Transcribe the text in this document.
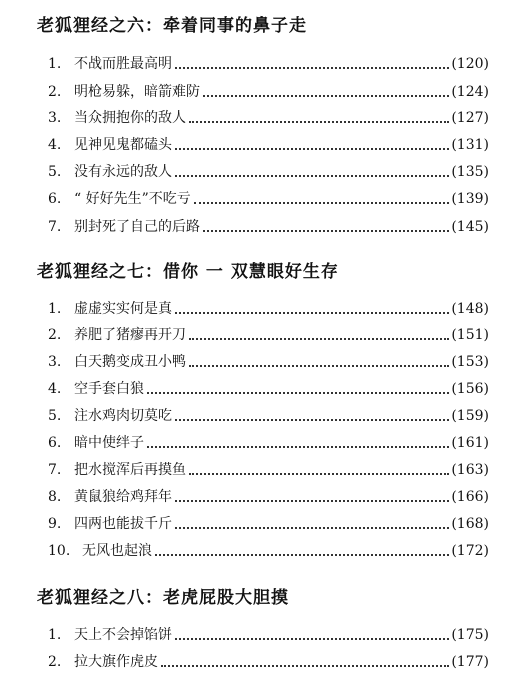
老狐狸经之六：牵着同事的鼻子走
1. 不战而胜最高明	(120)
2. 明枪易躲，暗箭难防	(124)
3. 当众拥抱你的敌人	(127)
4. 见神见鬼都磕头	(131)
5. 没有永远的敌人	(135)
6. “ 好好先生”不吃亏	(139)
7. 别封死了自己的后路	(145)
老狐狸经之七：借你 一 双慧眼好生存
1. 虚虚实实何是真	(148)
2. 养肥了猪瘳再开刀	(151)
3. 白天鹅变成丑小鸭	(153)
4. 空手套白狼	(156)
5. 注水鸡肉切莫吃	(159)
6. 暗中使绊子	(161)
7. 把水搅浑后再摸鱼	(163)
8. 黄鼠狼给鸡拜年	(166)
9. 四两也能拔千斤	(168)
10. 无风也起浪	(172)
老狐狸经之八：老虎屁股大胆摸
1. 天上不会掉馅饼	(175)
2. 拉大旗作虎皮	(177)
